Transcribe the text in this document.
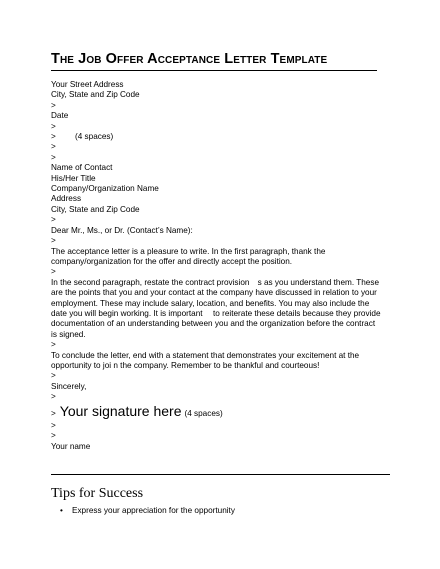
The Job Offer Acceptance Letter Template
Your Street Address
City, State and Zip Code
>
Date
>
> (4 spaces)
>
>
Name of Contact
His/Her Title
Company/Organization Name
Address
City, State and Zip Code
>
Dear Mr., Ms., or Dr. (Contact’s Name):
>
The acceptance letter is a pleasure to write. In the first paragraph, thank the company/organization for the offer and directly accept the position.
>
In the second paragraph, restate the contract provision s as you understand them. These are the points that you and your contact at the company have discussed in relation to your employment. These may include salary, location, and benefits. You may also include the date you will begin working. It is important  to reiterate these details because they provide documentation of an understanding between you and the organization before the contract is signed.
>
To conclude the letter, end with a statement that demonstrates your excitement at the opportunity to joi n the company. Remember to be thankful and courteous!
>
Sincerely,
>
> Your signature here (4 spaces)
>
>
Your name
Tips for Success
• Express your appreciation for the opportunity
